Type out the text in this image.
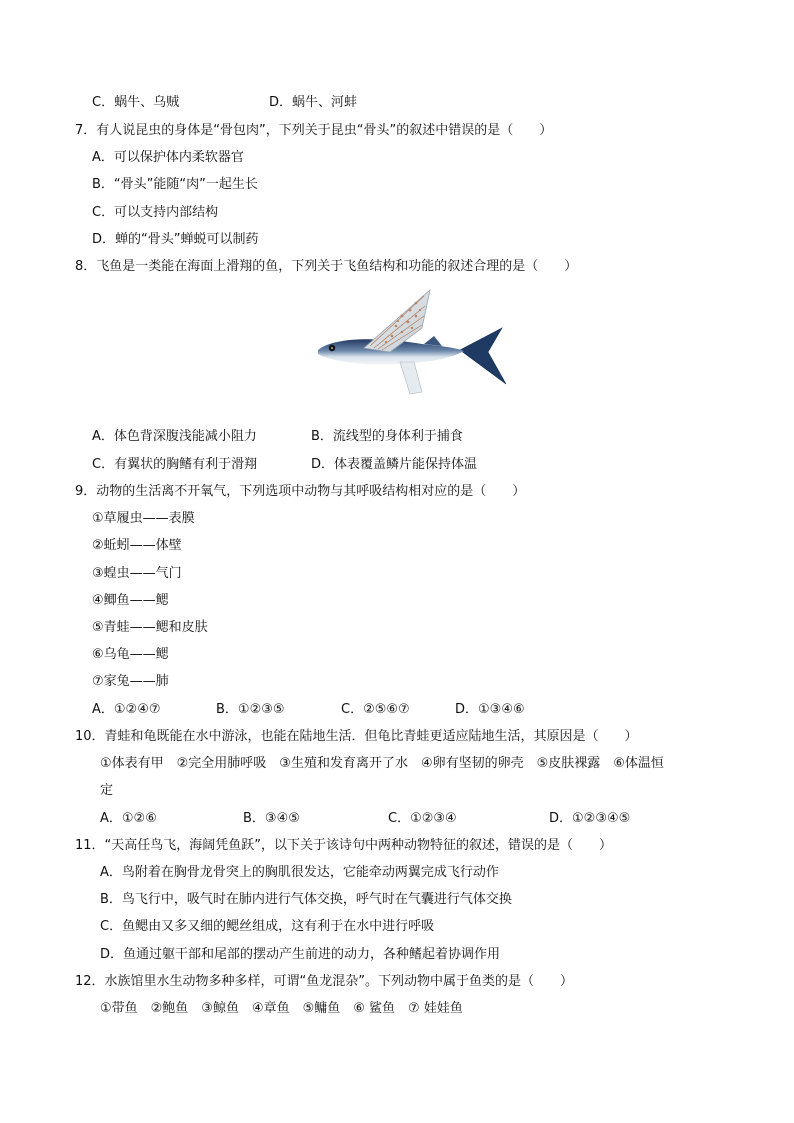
C．蜗牛、乌贼	D．蜗牛、河蚌
7．有人说昆虫的身体是“骨包肉”，下列关于昆虫“骨头”的叙述中错误的是（　　）
A．可以保护体内柔软器官
B．“骨头”能随“肉”一起生长
C．可以支持内部结构
D．蝉的“骨头”蝉蜕可以制药
8．飞鱼是一类能在海面上滑翔的鱼，下列关于飞鱼结构和功能的叙述合理的是（　　）
A．体色背深腹浅能减小阻力	B．流线型的身体利于捕食
C．有翼状的胸鳍有利于滑翔	D．体表覆盖鳞片能保持体温
9．动物的生活离不开氧气，下列选项中动物与其呼吸结构相对应的是（　　）
①草履虫——表膜
②蚯蚓——体壁
③蝗虫——气门
④鲫鱼——鳃
⑤青蛙——鳃和皮肤
⑥乌龟——鳃
⑦家兔——肺
A．①②④⑦	B．①②③⑤	C．②⑤⑥⑦	D．①③④⑥
10．青蛙和龟既能在水中游泳，也能在陆地生活．但龟比青蛙更适应陆地生活，其原因是（　　）
①体表有甲　②完全用肺呼吸　③生殖和发育离开了水　④卵有坚韧的卵壳　⑤皮肤裸露　⑥体温恒
定
A．①②⑥	B．③④⑤	C．①②③④	D．①②③④⑤
11．“天高任鸟飞，海阔凭鱼跃”，以下关于该诗句中两种动物特征的叙述，错误的是（　　）
A．鸟附着在胸骨龙骨突上的胸肌很发达，它能牵动两翼完成飞行动作
B．鸟飞行中，吸气时在肺内进行气体交换，呼气时在气囊进行气体交换
C．鱼鳃由又多又细的鳃丝组成，这有利于在水中进行呼吸
D．鱼通过躯干部和尾部的摆动产生前进的动力，各种鳍起着协调作用
12．水族馆里水生动物多种多样，可谓“鱼龙混杂”。下列动物中属于鱼类的是（　　）
①带鱼　②鲍鱼　③鲸鱼　④章鱼　⑤鳙鱼　⑥ 鲨鱼　⑦ 娃娃鱼
